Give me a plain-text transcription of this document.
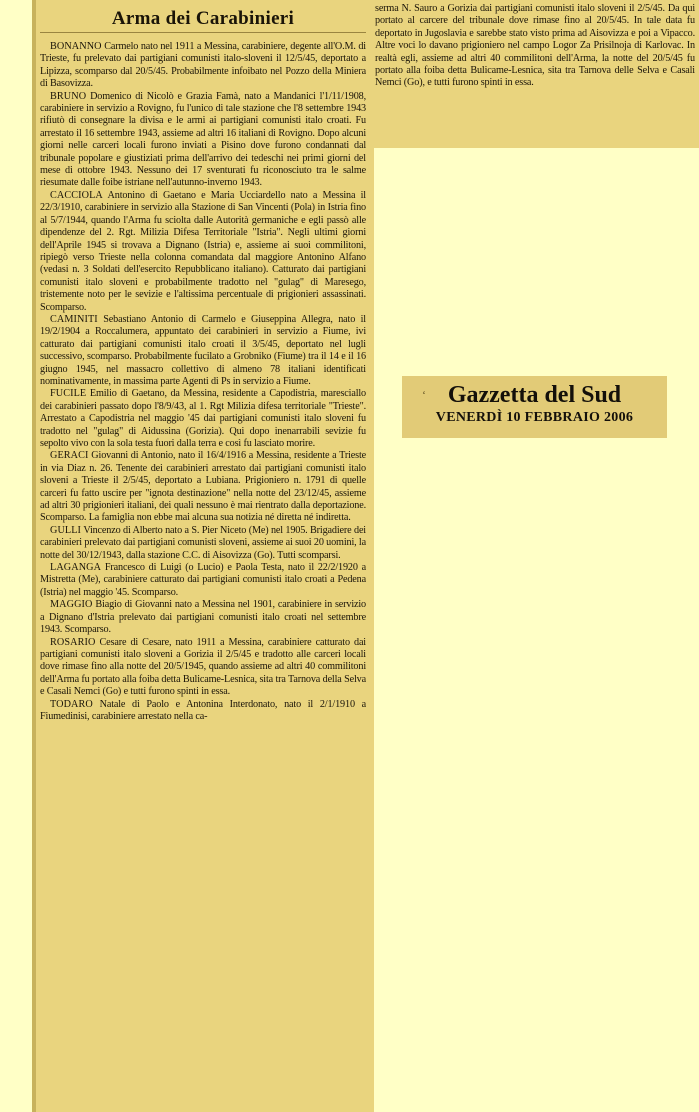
Arma dei Carabinieri

BONANNO Carmelo nato nel 1911 a Messina, carabiniere, degente all'O.M. di Trieste, fu prelevato dai partigiani comunisti italo-sloveni il 12/5/45, deportato a Lipizza, scomparso dal 20/5/45. Probabilmente infoibato nel Pozzo della Miniera di Basovizza.

BRUNO Domenico di Nicolò e Grazia Famà, nato a Mandanici l'1/11/1908, carabiniere in servizio a Rovigno, fu l'unico di tale stazione che l'8 settembre 1943 rifiutò di consegnare la divisa e le armi ai partigiani comunisti italo croati. Fu arrestato il 16 settembre 1943, assieme ad altri 16 italiani di Rovigno. Dopo alcuni giorni nelle carceri locali furono inviati a Pisino dove furono condannati dal tribunale popolare e giustiziati prima dell'arrivo dei tedeschi nei primi giorni del mese di ottobre 1943. Nessuno dei 17 sventurati fu riconosciuto tra le salme riesumate dalle foibe istriane nell'autunno-inverno 1943.

CACCIOLA Antonino di Gaetano e Maria Ucciardello nato a Messina il 22/3/1910, carabiniere in servizio alla Stazione di San Vincenti (Pola) in Istria fino al 5/7/1944, quando l'Arma fu sciolta dalle Autorità germaniche e egli passò alle dipendenze del 2. Rgt. Milizia Difesa Territoriale "Istria". Negli ultimi giorni dell'Aprile 1945 si trovava a Dignano (Istria) e, assieme ai suoi commilitoni, ripiegò verso Trieste nella colonna comandata dal maggiore Antonino Alfano (vedasi n. 3 Soldati dell'esercito Repubblicano italiano). Catturato dai partigiani comunisti italo sloveni e probabilmente tradotto nel "gulag" di Maresego, tristemente noto per le sevizie e l'altissima percentuale di prigionieri assassinati. Scomparso.

CAMINITI Sebastiano Antonio di Carmelo e Giuseppina Allegra, nato il 19/2/1904 a Roccalumera, appuntato dei carabinieri in servizio a Fiume, ivi catturato dai partigiani comunisti italo croati il 3/5/45, deportato nel lugli successivo, scomparso. Probabilmente fucilato a Grobniko (Fiume) tra il 14 e il 16 giugno 1945, nel massacro collettivo di almeno 78 italiani identificati nominativamente, in massima parte Agenti di Ps in servizio a Fiume.

FUCILE Emilio di Gaetano, da Messina, residente a Capodistria, maresciallo dei carabinieri passato dopo l'8/9/43, al 1. Rgt Milizia difesa territoriale "Trieste". Arrestato a Capodistria nel maggio '45 dai partigiani comunisti italo sloveni fu tradotto nel "gulag" di Aidussina (Gorizia). Qui dopo inenarrabili sevizie fu sepolto vivo con la sola testa fuori dalla terra e così fu lasciato morire.

GERACI Giovanni di Antonio, nato il 16/4/1916 a Messina, residente a Trieste in via Diaz n. 26. Tenente dei carabinieri arrestato dai partigiani comunisti italo sloveni a Trieste il 2/5/45, deportato a Lubiana. Prigioniero n. 1791 di quelle carceri fu fatto uscire per "ignota destinazione" nella notte del 23/12/45, assieme ad altri 30 prigionieri italiani, dei quali nessuno è mai rientrato dalla deportazione. Scomparso. La famiglia non ebbe mai alcuna sua notizia né diretta né indiretta.

GULLI Vincenzo di Alberto nato a S. Pier Niceto (Me) nel 1905. Brigadiere dei carabinieri prelevato dai partigiani comunisti sloveni, assieme ai suoi 20 uomini, la notte del 30/12/1943, dalla stazione C.C. di Aisovizza (Go). Tutti scomparsi.

LAGANGA Francesco di Luigi (o Lucio) e Paola Testa, nato il 22/2/1920 a Mistretta (Me), carabiniere catturato dai partigiani comunisti italo croati a Pedena (Istria) nel maggio '45. Scomparso.

MAGGIO Biagio di Giovanni nato a Messina nel 1901, carabiniere in servizio a Dignano d'Istria prelevato dai partigiani comunisti italo croati nel settembre 1943. Scomparso.

ROSARIO Cesare di Cesare, nato 1911 a Messina, carabiniere catturato dai partigiani comunisti italo sloveni a Gorizia il 2/5/45 e tradotto alle carceri locali dove rimase fino alla notte del 20/5/1945, quando assieme ad altri 40 commilitoni dell'Arma fu portato alla foiba detta Bulicame-Lesnica, sita tra Tarnova della Selva e Casali Nemci (Go) e tutti furono spinti in essa.

TODARO Natale di Paolo e Antonina Interdonato, nato il 2/1/1910 a Fiumedinisi, carabiniere arrestato nella ca-

serma N. Sauro a Gorizia dai partigiani comunisti italo sloveni il 2/5/45. Da qui portato al carcere del tribunale dove rimase fino al 20/5/45. In tale data fu deportato in Jugoslavia e sarebbe stato visto prima ad Aisovizza e poi a Vipacco. Altre voci lo davano prigioniero nel campo Logor Za Prisilnoja di Karlovac. In realtà egli, assieme ad altri 40 commilitoni dell'Arma, la notte del 20/5/45 fu portato alla foiba detta Bulicame-Lesnica, sita tra Tarnova delle Selva e Casali Nemci (Go), e tutti furono spinti in essa.

‘ Gazzetta del Sud
VENERDÌ 10 FEBBRAIO 2006
